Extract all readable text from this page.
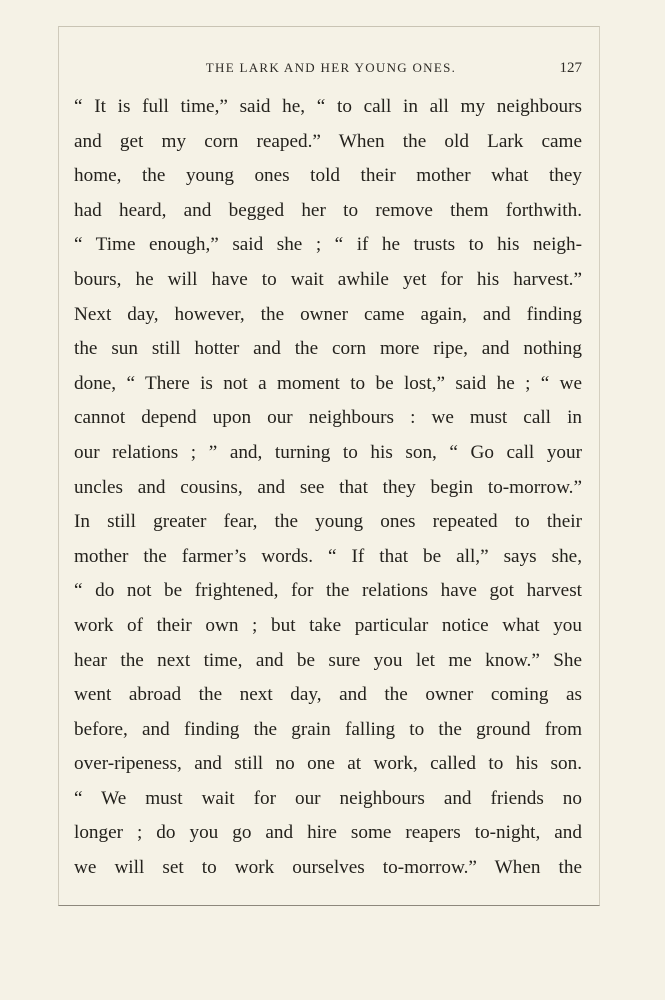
THE LARK AND HER YOUNG ONES.	127
“ It is full time,” said he, “ to call in all my neighbours
and get my corn reaped.” When the old Lark came
home, the young ones told their mother what they
had heard, and begged her to remove them forthwith.
“ Time enough,” said she ; “ if he trusts to his neigh-
bours, he will have to wait awhile yet for his harvest.”
Next day, however, the owner came again, and finding
the sun still hotter and the corn more ripe, and nothing
done, “ There is not a moment to be lost,” said he ; “ we
cannot depend upon our neighbours : we must call in
our relations ; ” and, turning to his son, “ Go call your
uncles and cousins, and see that they begin to-morrow.”
In still greater fear, the young ones repeated to their
mother the farmer’s words. “ If that be all,” says she,
“ do not be frightened, for the relations have got harvest
work of their own ; but take particular notice what you
hear the next time, and be sure you let me know.” She
went abroad the next day, and the owner coming as
before, and finding the grain falling to the ground from
over-ripeness, and still no one at work, called to his son.
“ We must wait for our neighbours and friends no
longer ; do you go and hire some reapers to-night, and
we will set to work ourselves to-morrow.” When the
